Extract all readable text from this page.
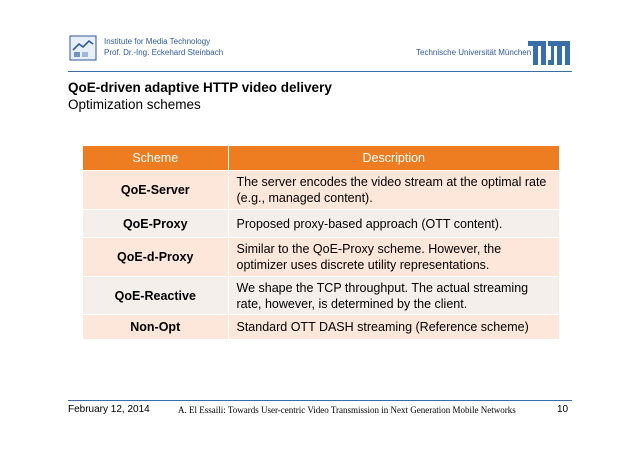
Institute for Media Technology
Prof. Dr.-Ing. Eckehard Steinbach	Technische Universität München
QoE-driven adaptive HTTP video delivery
Optimization schemes
Scheme	Description
QoE-Server	The server encodes the video stream at the optimal rate (e.g., managed content).
QoE-Proxy	Proposed proxy-based approach (OTT content).
QoE-d-Proxy	Similar to the QoE-Proxy scheme. However, the optimizer uses discrete utility representations.
QoE-Reactive	We shape the TCP throughput. The actual streaming rate, however, is determined by the client.
Non-Opt	Standard OTT DASH streaming (Reference scheme)
February 12, 2014	A. El Essaili: Towards User-centric Video Transmission in Next Generation Mobile Networks	10
